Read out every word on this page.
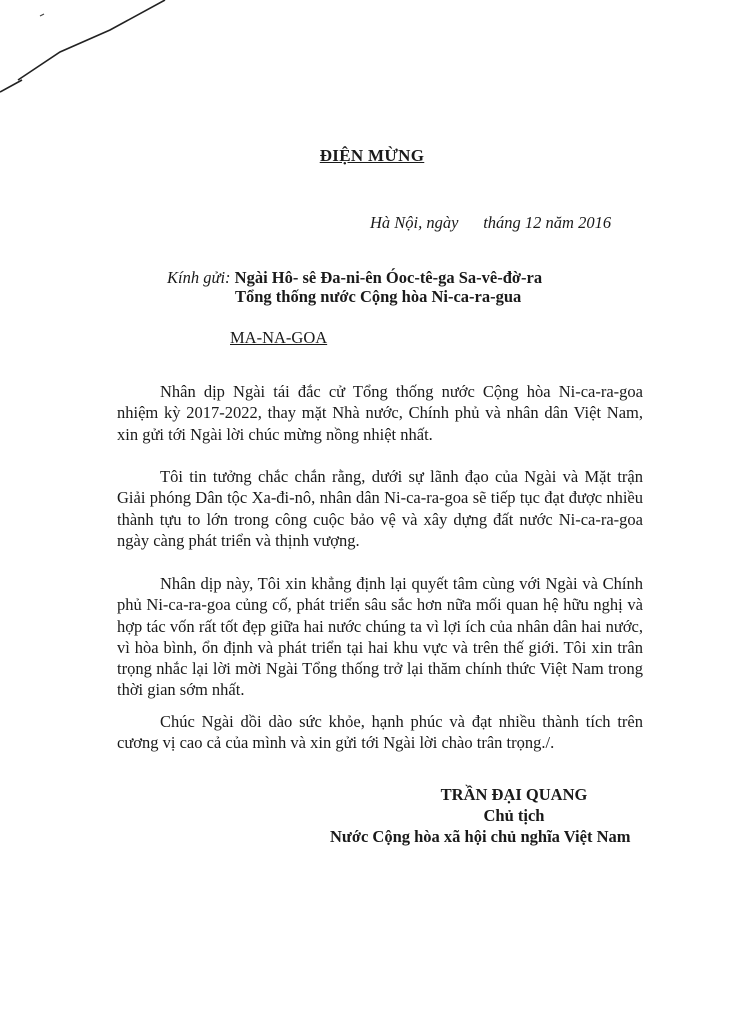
ĐIỆN MỪNG
Hà Nội, ngày      tháng 12 năm 2016
Kính gửi: Ngài Hô- sê Đa-ni-ên Óoc-tê-ga Sa-vê-đờ-ra
Tổng thống nước Cộng hòa Ni-ca-ra-gua
MA-NA-GOA

Nhân dịp Ngài tái đắc cử Tổng thống nước Cộng hòa Ni-ca-ra-goa nhiệm kỳ 2017-2022, thay mặt Nhà nước, Chính phủ và nhân dân Việt Nam, xin gửi tới Ngài lời chúc mừng nồng nhiệt nhất.

Tôi tin tưởng chắc chắn rằng, dưới sự lãnh đạo của Ngài và Mặt trận Giải phóng Dân tộc Xa-đi-nô, nhân dân Ni-ca-ra-goa sẽ tiếp tục đạt được nhiều thành tựu to lớn trong công cuộc bảo vệ và xây dựng đất nước Ni-ca-ra-goa ngày càng phát triển và thịnh vượng.

Nhân dịp này, Tôi xin khẳng định lại quyết tâm cùng với Ngài và Chính phủ Ni-ca-ra-goa củng cố, phát triển sâu sắc hơn nữa mối quan hệ hữu nghị và hợp tác vốn rất tốt đẹp giữa hai nước chúng ta vì lợi ích của nhân dân hai nước, vì hòa bình, ổn định và phát triển tại hai khu vực và trên thế giới. Tôi xin trân trọng nhắc lại lời mời Ngài Tổng thống trở lại thăm chính thức Việt Nam trong thời gian sớm nhất.

Chúc Ngài dồi dào sức khỏe, hạnh phúc và đạt nhiều thành tích trên cương vị cao cả của mình và xin gửi tới Ngài lời chào trân trọng./.

TRẦN ĐẠI QUANG
Chủ tịch
Nước Cộng hòa xã hội chủ nghĩa Việt Nam
